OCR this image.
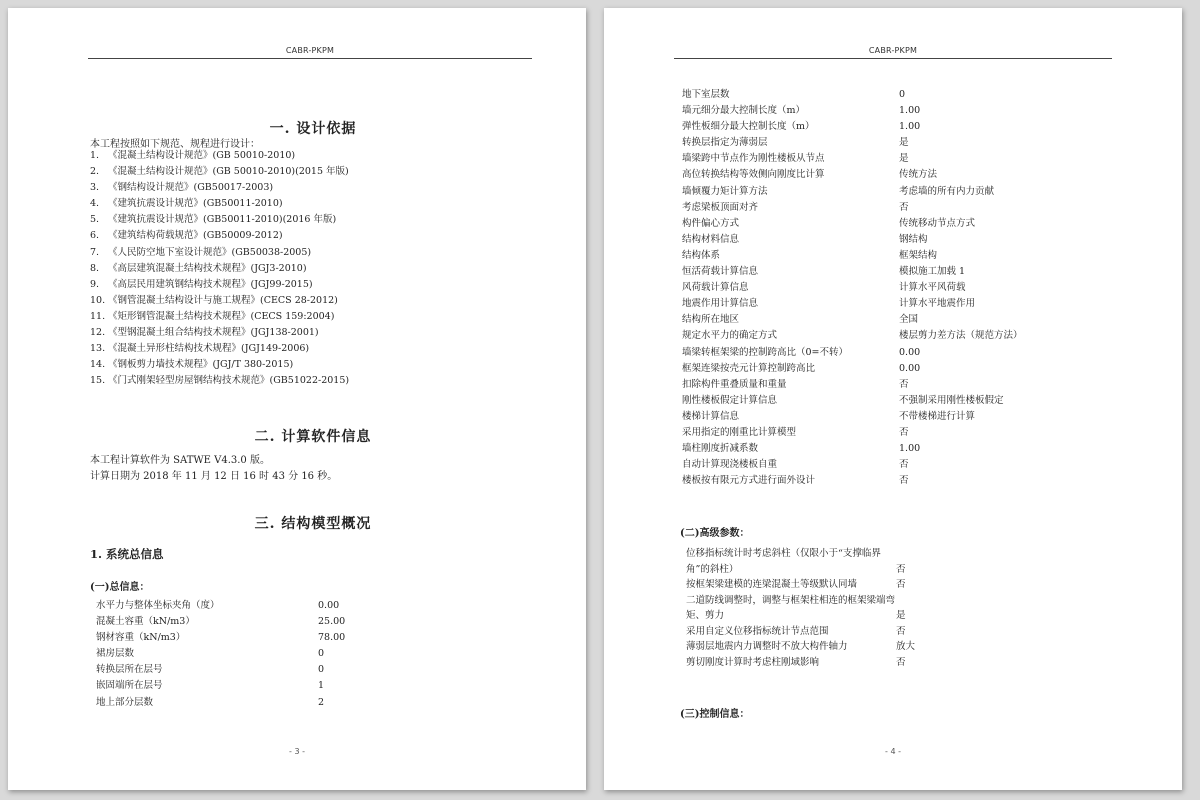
CABR-PKPM
一. 设计依据
本工程按照如下规范、规程进行设计：
1. 《混凝土结构设计规范》(GB 50010-2010)
2. 《混凝土结构设计规范》(GB 50010-2010)(2015 年版)
3. 《钢结构设计规范》(GB50017-2003)
4. 《建筑抗震设计规范》(GB50011-2010)
5. 《建筑抗震设计规范》(GB50011-2010)(2016 年版)
6. 《建筑结构荷载规范》(GB50009-2012)
7. 《人民防空地下室设计规范》(GB50038-2005)
8. 《高层建筑混凝土结构技术规程》(JGJ3-2010)
9. 《高层民用建筑钢结构技术规程》(JGJ99-2015)
10. 《钢管混凝土结构设计与施工规程》(CECS 28-2012)
11. 《矩形钢管混凝土结构技术规程》(CECS 159:2004)
12. 《型钢混凝土组合结构技术规程》(JGJ138-2001)
13. 《混凝土异形柱结构技术规程》(JGJ149-2006)
14. 《钢板剪力墙技术规程》(JGJ/T 380-2015)
15. 《门式刚架轻型房屋钢结构技术规范》(GB51022-2015)
二. 计算软件信息
本工程计算软件为 SATWE V4.3.0 版。
计算日期为 2018 年 11 月 12 日 16 时 43 分 16 秒。
三. 结构模型概况
1. 系统总信息
(一)总信息：
水平力与整体坐标夹角（度）	0.00
混凝土容重（kN/m3）	25.00
钢材容重（kN/m3）	78.00
裙房层数	0
转换层所在层号	0
嵌固端所在层号	1
地上部分层数	2
- 3 -
CABR-PKPM
地下室层数	0
墙元细分最大控制长度（m）	1.00
弹性板细分最大控制长度（m）	1.00
转换层指定为薄弱层	是
墙梁跨中节点作为刚性楼板从节点	是
高位转换结构等效侧向刚度比计算	传统方法
墙倾覆力矩计算方法	考虑墙的所有内力贡献
考虑梁板顶面对齐	否
构件偏心方式	传统移动节点方式
结构材料信息	钢结构
结构体系	框架结构
恒活荷载计算信息	模拟施工加载 1
风荷载计算信息	计算水平风荷载
地震作用计算信息	计算水平地震作用
结构所在地区	全国
规定水平力的确定方式	楼层剪力差方法（规范方法）
墙梁转框架梁的控制跨高比（0=不转）	0.00
框架连梁按壳元计算控制跨高比	0.00
扣除构件重叠质量和重量	否
刚性楼板假定计算信息	不强制采用刚性楼板假定
楼梯计算信息	不带楼梯进行计算
采用指定的刚重比计算模型	否
墙柱刚度折减系数	1.00
自动计算现浇楼板自重	否
楼板按有限元方式进行面外设计	否
(二)高级参数：
位移指标统计时考虑斜柱（仅限小于“支撑临界角”的斜柱）	否
按框架梁建模的连梁混凝土等级默认同墙	否
二道防线调整时，调整与框架柱相连的框架梁端弯矩、剪力	是
采用自定义位移指标统计节点范围	否
薄弱层地震内力调整时不放大构件轴力	放大
剪切刚度计算时考虑柱刚域影响	否
(三)控制信息：
- 4 -
